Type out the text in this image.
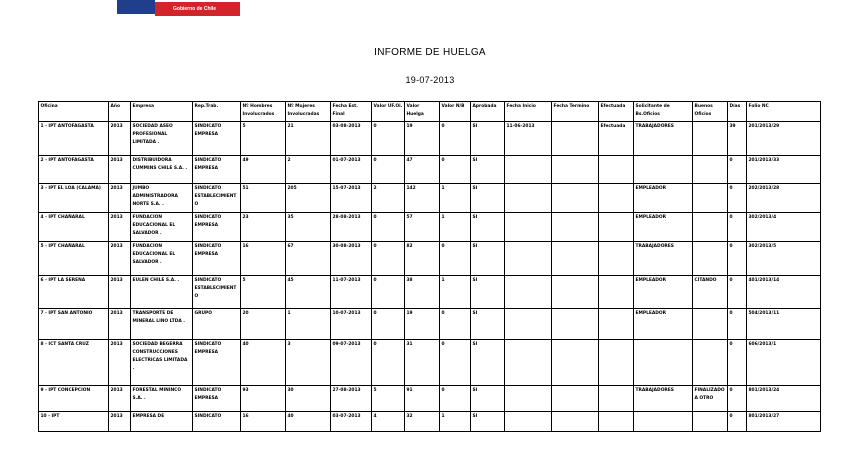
Gobierno de Chile
INFORME DE HUELGA
19-07-2013
Oficina	Año	Empresa	Rep.Trab.	Nº Hombres Involucrados	Nº Mujeres Involucradas	Fecha Est. Final	Valor UF.Oi.	Valor Huelga	Valor N/B	Aprobada	Fecha Inicio	Fecha Termino	Efectuada	Solicitante de Bs.Oficios	Buenos Oficios	Días	Folio NC
1 - IPT ANTOFAGASTA	2013	SOCIEDAD ASEO PROFESIONAL LIMITADA .	SINDICATO EMPRESA	5	21	03-08-2013	0	19	0	SI	11-06-2013		Efectuada	TRABAJADORES		39	201/2013/29
2 - IPT ANTOFAGASTA	2013	DISTRIBUIDORA CUMMINS CHILE S.A. .	SINDICATO EMPRESA	49	2	01-07-2013	0	47	0	SI						0	201/2013/33
3 - IPT EL LOA (CALAMA)	2013	JUMBO ADMINISTRADORA NORTE S.A. .	SINDICATO ESTABLECIMIENTO	51	205	15-07-2013	2	142	1	SI				EMPLEADOR		0	202/2013/28
4 - IPT CHAÑARAL	2013	FUNDACION EDUCACIONAL EL SALVADOR .	SINDICATO EMPRESA	23	35	28-08-2013	0	57	1	SI				EMPLEADOR		0	302/2013/4
5 - IPT CHAÑARAL	2013	FUNDACION EDUCACIONAL EL SALVADOR .	SINDICATO EMPRESA	16	67	30-08-2013	0	82	0	SI				TRABAJADORES		0	302/2013/5
6 - IPT LA SERENA	2013	EULEN CHILE S.A. .	SINDICATO ESTABLECIMIENTO	5	45	11-07-2013	0	38	1	SI				EMPLEADOR	CITANDO	0	401/2013/14
7 - IPT SAN ANTONIO	2013	TRANSPORTE DE MINERAL LINO LTDA .	GRUPO	20	1	10-07-2013	0	19	0	SI				EMPLEADOR		0	504/2013/11
8 - ICT SANTA CRUZ	2013	SOCIEDAD BEGERRA CONSTRUCCIONES ELECTRICAS LIMITADA .	SINDICATO EMPRESA	40	3	09-07-2013	0	31	0	SI						0	606/2013/1
9 - IPT CONCEPCION	2013	FORESTAL MININCO S.A. .	SINDICATO EMPRESA	93	30	27-08-2013	5	91	0	SI				TRABAJADORES	FINALIZADO A OTRO	0	801/2013/24
10 - IPT	2013	EMPRESA DE	SINDICATO	16	40	03-07-2013	4	32	1	SI						0	801/2013/27
